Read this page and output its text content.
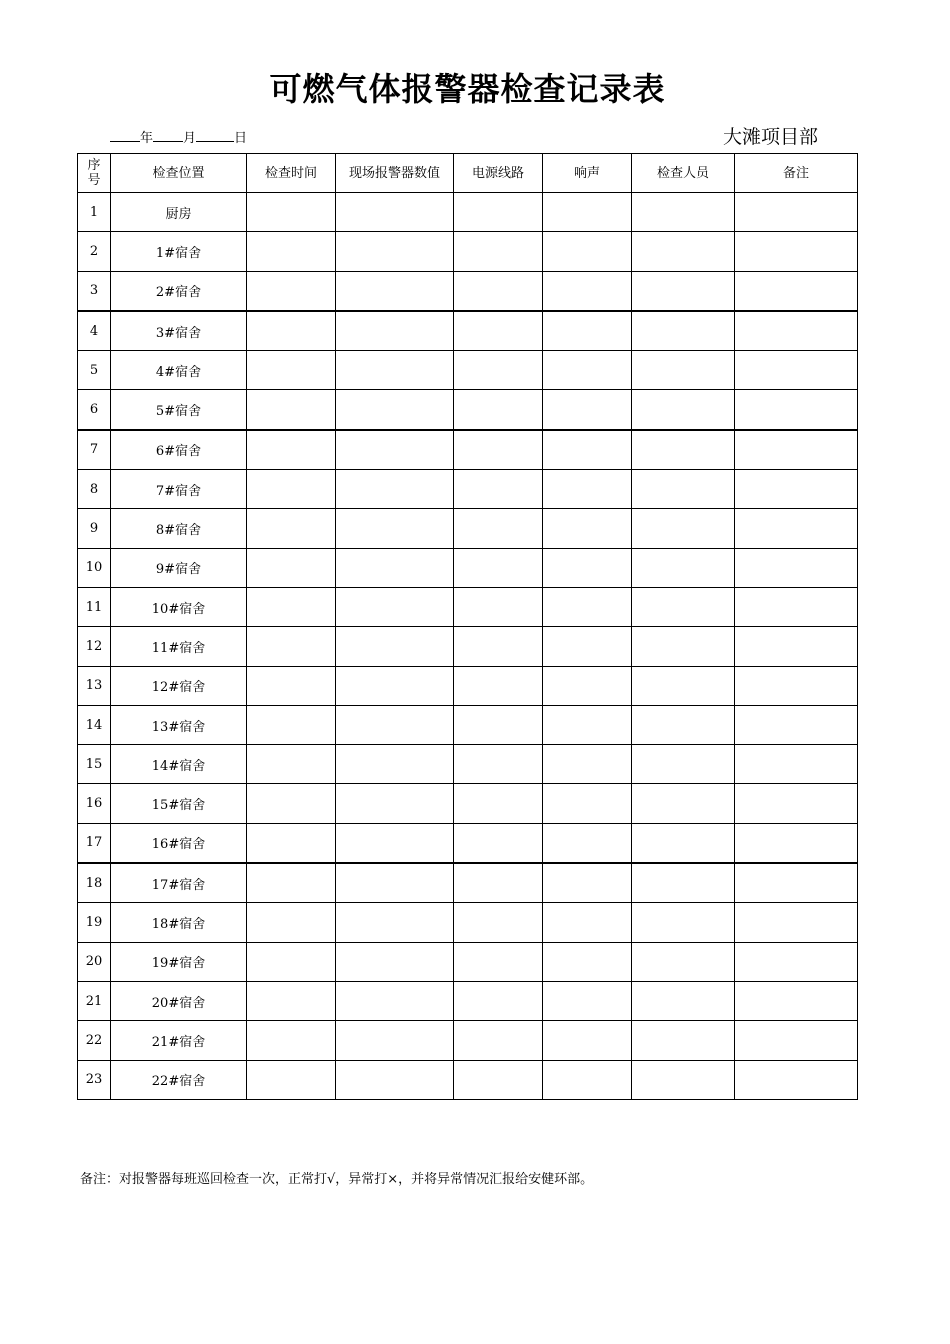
可燃气体报警器检查记录表
年 月	日	大滩项目部
序号	检查位置	检查时间	现场报警器数值	电源线路	响声	检查人员	备注
1	厨房						
2	1#宿舍						
3	2#宿舍						
4	3#宿舍						
5	4#宿舍						
6	5#宿舍						
7	6#宿舍						
8	7#宿舍						
9	8#宿舍						
10	9#宿舍						
11	10#宿舍						
12	11#宿舍						
13	12#宿舍						
14	13#宿舍						
15	14#宿舍						
16	15#宿舍						
17	16#宿舍						
18	17#宿舍						
19	18#宿舍						
20	19#宿舍						
21	20#宿舍						
22	21#宿舍						
23	22#宿舍						
备注：对报警器每班巡回检查一次，正常打√，异常打×，并将异常情况汇报给安健环部。
